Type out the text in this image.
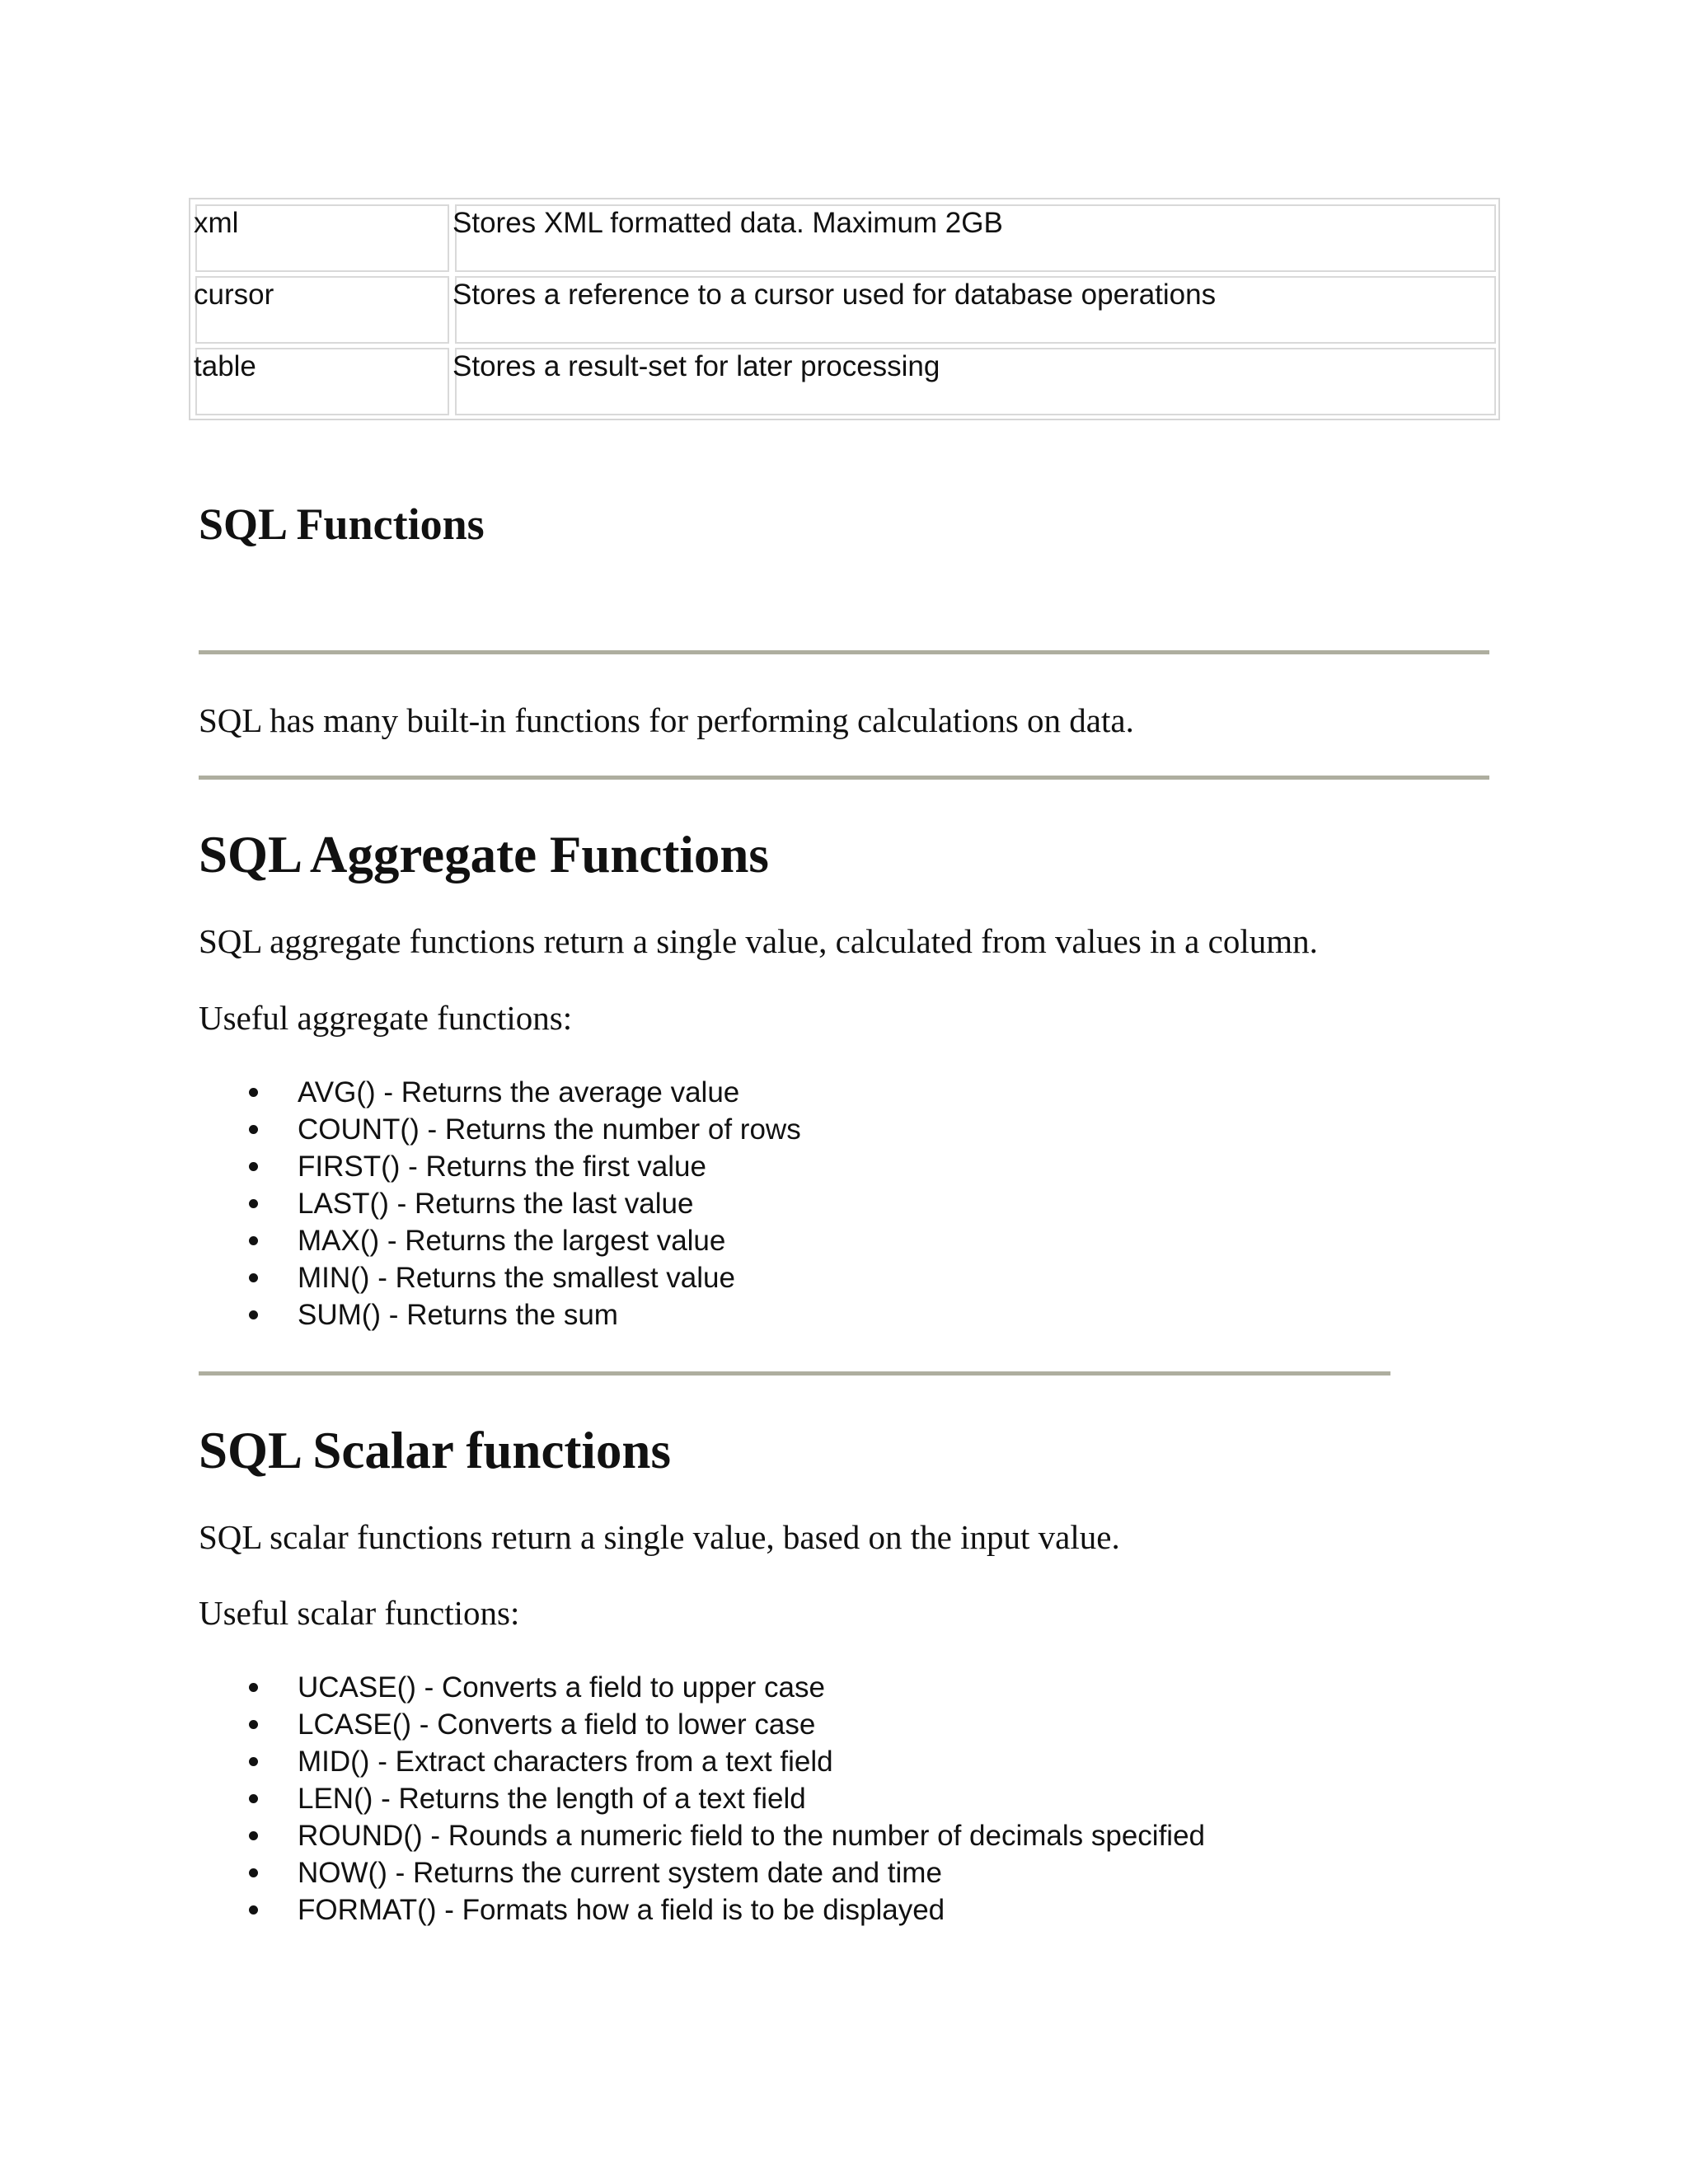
xml	Stores XML formatted data. Maximum 2GB
cursor	Stores a reference to a cursor used for database operations
table	Stores a result-set for later processing
SQL Functions
SQL has many built-in functions for performing calculations on data.
SQL Aggregate Functions
SQL aggregate functions return a single value, calculated from values in a column.
Useful aggregate functions:
AVG() - Returns the average value
COUNT() - Returns the number of rows
FIRST() - Returns the first value
LAST() - Returns the last value
MAX() - Returns the largest value
MIN() - Returns the smallest value
SUM() - Returns the sum
SQL Scalar functions
SQL scalar functions return a single value, based on the input value.
Useful scalar functions:
UCASE() - Converts a field to upper case
LCASE() - Converts a field to lower case
MID() - Extract characters from a text field
LEN() - Returns the length of a text field
ROUND() - Rounds a numeric field to the number of decimals specified
NOW() - Returns the current system date and time
FORMAT() - Formats how a field is to be displayed
